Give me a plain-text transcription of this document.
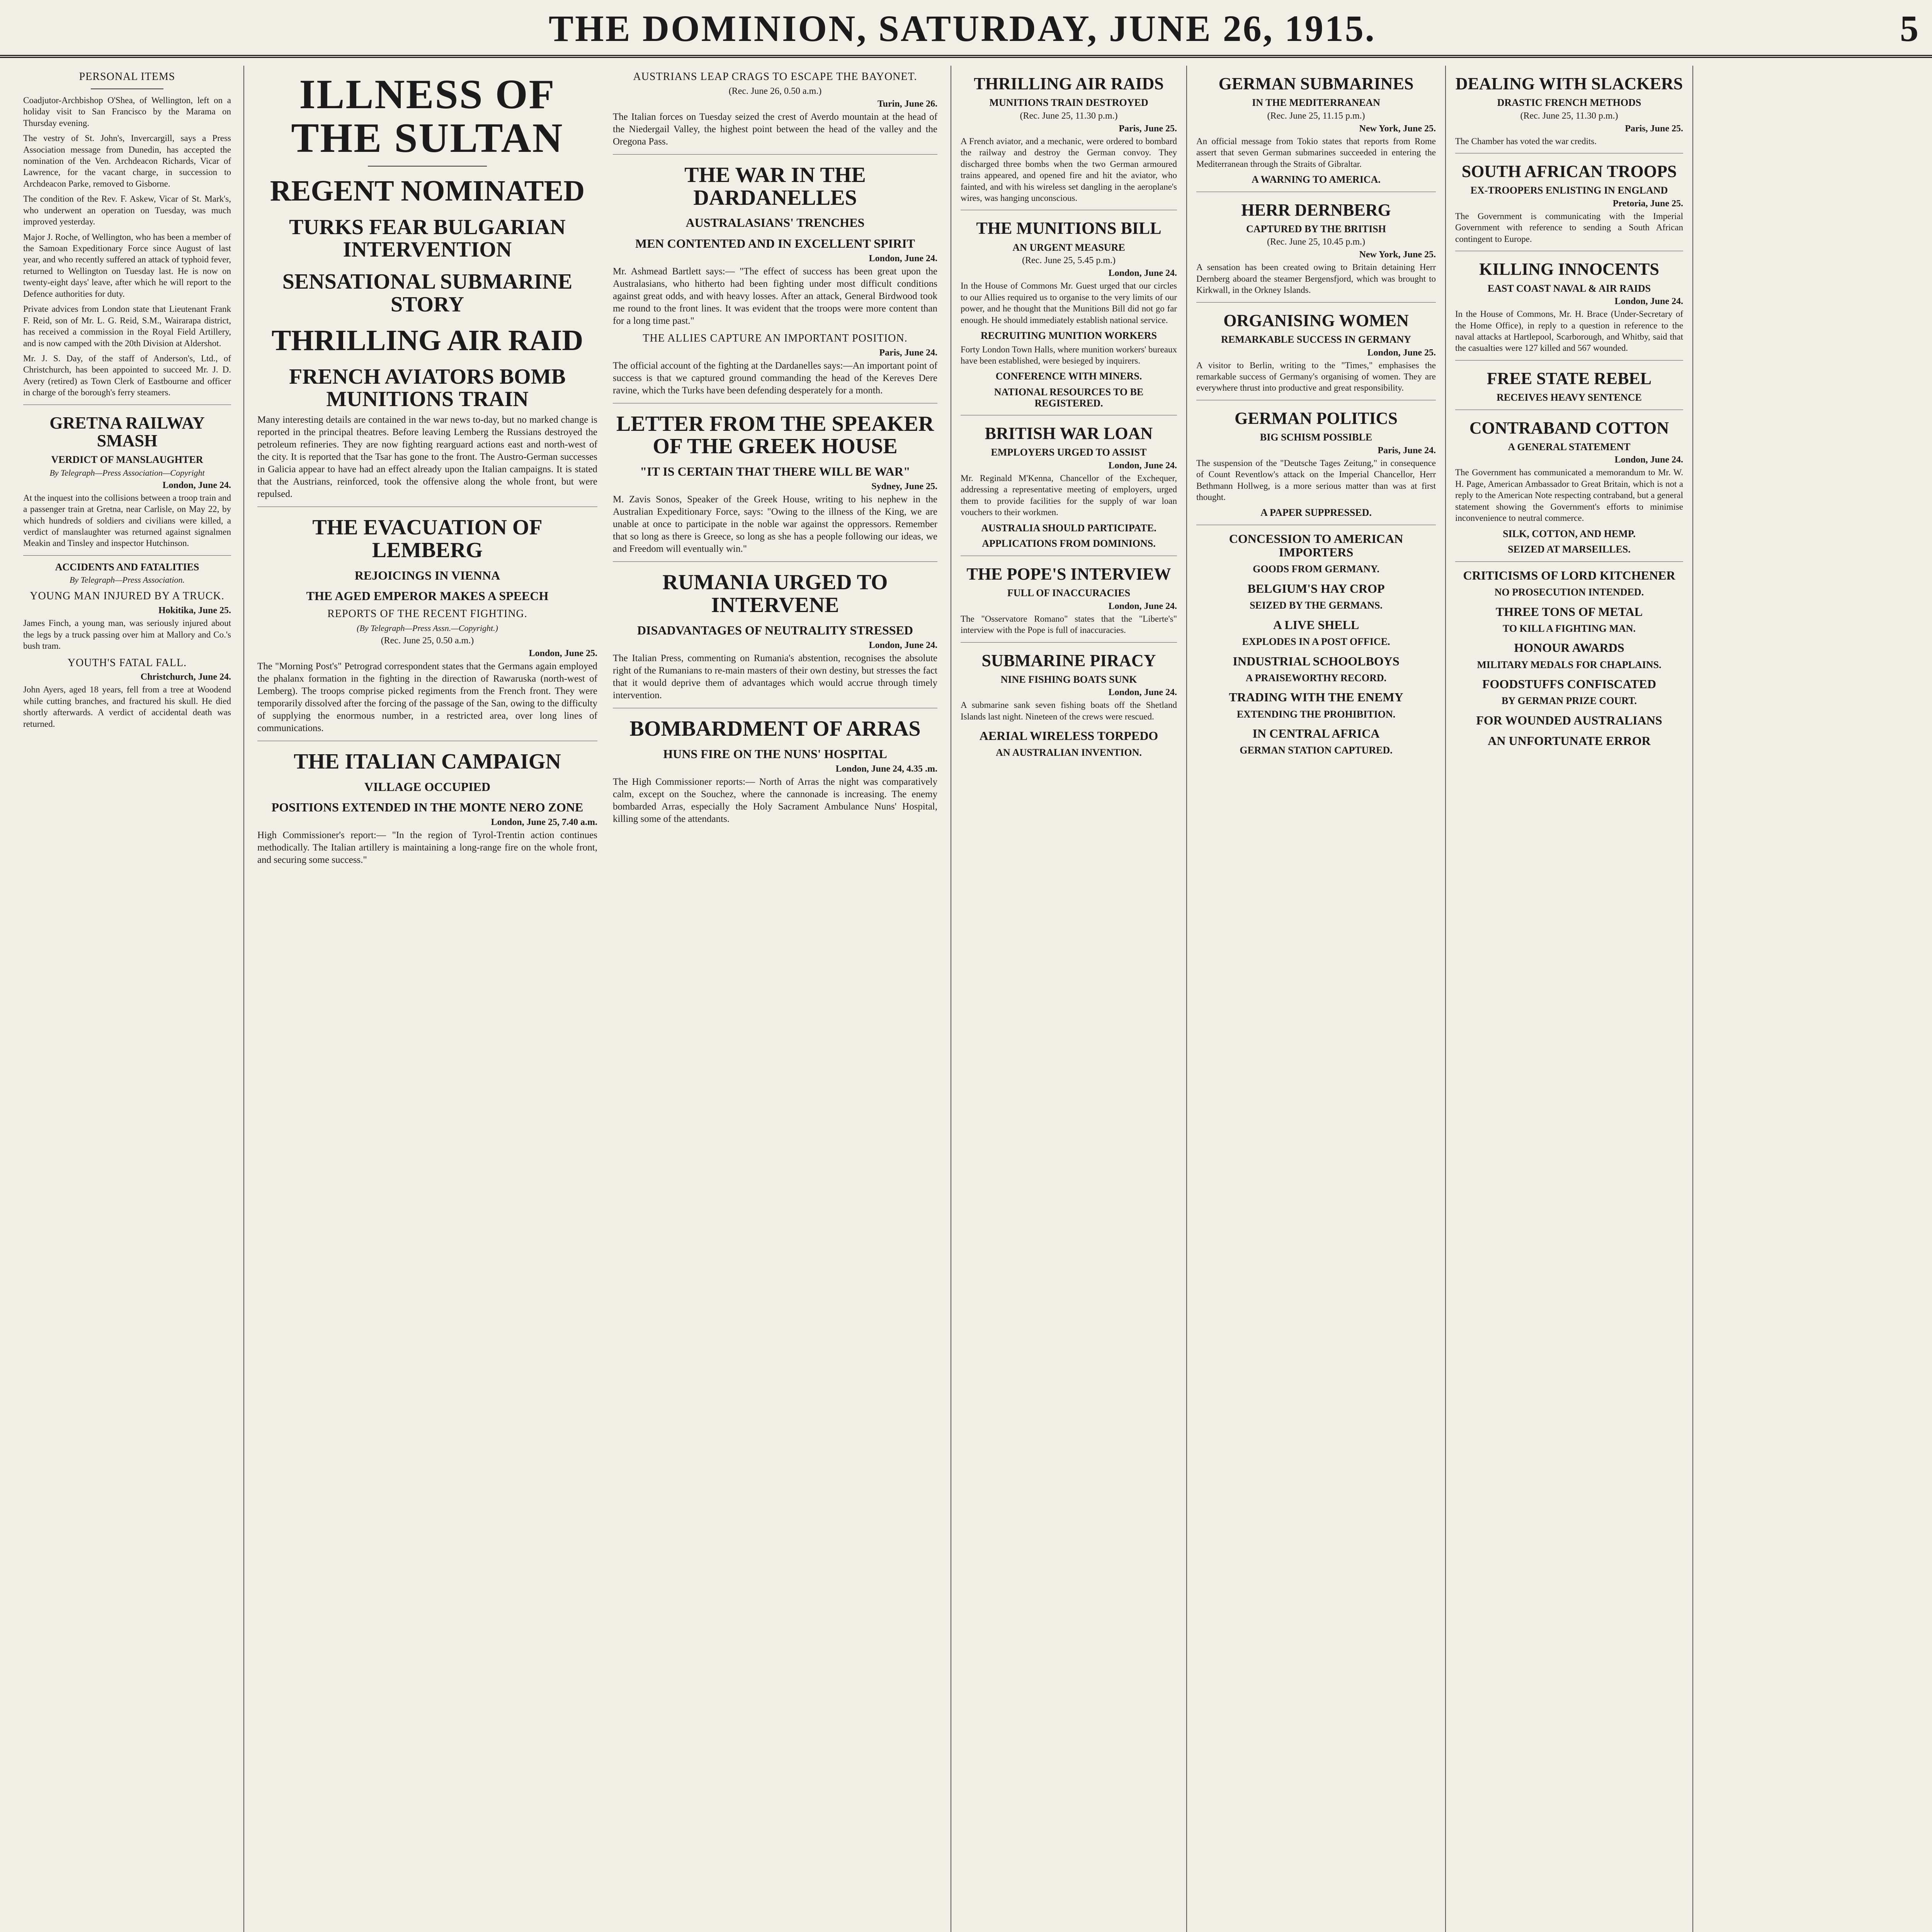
THE DOMINION, SATURDAY, JUNE 26, 1915.	5
PERSONAL ITEMS

Coadjutor-Archbishop O'Shea, of Wellington, left on a holiday visit to San Francisco by the Marama on Thursday evening.

The vestry of St. John's, Invercargill, says a Press Association message from Dunedin, has accepted the nomination of the Ven. Archdeacon Richards, Vicar of Lawrence, for the vacant charge, in succession to Archdeacon Parke, removed to Gisborne.

The condition of the Rev. F. Askew, Vicar of St. Mark's, who underwent an operation on Tuesday, was much improved yesterday.

Major J. Roche, of Wellington, who has been a member of the Samoan Expeditionary Force since August of last year, and who recently suffered an attack of typhoid fever, returned to Wellington on Tuesday last. He is now on twenty-eight days' leave, after which he will report to the Defence authorities for duty.

Private advices from London state that Lieutenant Frank F. Reid, son of Mr. L. G. Reid, S.M., Wairarapa district, has received a commission in the Royal Field Artillery, and is now camped with the 20th Division at Aldershot.

Mr. J. S. Day, of the staff of Anderson's, Ltd., of Christchurch, has been appointed to succeed Mr. J. D. Avery (retired) as Town Clerk of Eastbourne and officer in charge of the borough's ferry steamers.

GRETNA RAILWAY SMASH
VERDICT OF MANSLAUGHTER
By Telegraph—Press Association—Copyright
London, June 24.

At the inquest into the collisions between a troop train and a passenger train at Gretna, near Carlisle, on May 22, by which hundreds of soldiers and civilians were killed, a verdict of manslaughter was returned against signalmen Meakin and Tinsley and inspector Hutchinson.

ACCIDENTS AND FATALITIES
By Telegraph—Press Association.
YOUNG MAN INJURED BY A TRUCK.
Hokitika, June 25.

James Finch, a young man, was seriously injured about the legs by a truck passing over him at Mallory and Co.'s bush tram.

YOUTH'S FATAL FALL.
Christchurch, June 24.

John Ayers, aged 18 years, fell from a tree at Woodend while cutting branches, and fractured his skull. He died shortly afterwards. A verdict of accidental death was returned.

ILLNESS OF THE SULTAN
REGENT NOMINATED
TURKS FEAR BULGARIAN INTERVENTION
SENSATIONAL SUBMARINE STORY
THRILLING AIR RAID
FRENCH AVIATORS BOMB MUNITIONS TRAIN

Many interesting details are contained in the war news to-day, but no marked change is reported in the principal theatres. Before leaving Lemberg the Russians destroyed the petroleum refineries. They are now fighting rearguard actions east and north-west of the city. It is reported that the Tsar has gone to the front. The Austro-German successes in Galicia appear to have had an effect already upon the Italian campaigns. It is stated that the Austrians, reinforced, took the offensive along the whole front, but were repulsed.

THE EVACUATION OF LEMBERG
REJOICINGS IN VIENNA
THE AGED EMPEROR MAKES A SPEECH
REPORTS OF THE RECENT FIGHTING.
(By Telegraph—Press Assn.—Copyright.)
(Rec. June 25, 0.50 a.m.)
London, June 25.

The "Morning Post's" Petrograd correspondent states that the Germans again employed the phalanx formation in the fighting in the direction of Rawaruska (north-west of Lemberg). The troops comprise picked regiments from the French front. They were temporarily dissolved after the forcing of the passage of the San, owing to the difficulty of supplying the enormous number, in a restricted area, over long lines of communications.

THE ITALIAN CAMPAIGN
VILLAGE OCCUPIED
POSITIONS EXTENDED IN THE MONTE NERO ZONE
London, June 25, 7.40 a.m.

High Commissioner's report:— "In the region of Tyrol-Trentin action continues methodically. The Italian artillery is maintaining a long-range fire on the whole front, and securing some success."

AUSTRIANS LEAP CRAGS TO ESCAPE THE BAYONET.
(Rec. June 26, 0.50 a.m.)
Turin, June 26.

The Italian forces on Tuesday seized the crest of Averdo mountain at the head of the Niedergail Valley, the highest point between the head of the valley and the Oregona Pass.

THE WAR IN THE DARDANELLES
AUSTRALASIANS' TRENCHES
MEN CONTENTED AND IN EXCELLENT SPIRIT
London, June 24.

Mr. Ashmead Bartlett says:— "The effect of success has been great upon the Australasians, who hitherto had been fighting under most difficult conditions against great odds, and with heavy losses. After an attack, General Birdwood took me round to the front lines. It was evident that the troops were more content than for a long time past."

THE ALLIES CAPTURE AN IMPORTANT POSITION.
Paris, June 24.

The official account of the fighting at the Dardanelles says:—An important point of success is that we captured ground commanding the head of the Kereves Dere ravine, which the Turks have been defending desperately for a month.

LETTER FROM THE SPEAKER OF THE GREEK HOUSE
"IT IS CERTAIN THAT THERE WILL BE WAR"
Sydney, June 25.

M. Zavis Sonos, Speaker of the Greek House, writing to his nephew in the Australian Expeditionary Force, says: "Owing to the illness of the King, we are unable at once to participate in the noble war against the oppressors. Remember that so long as there is Greece, so long as she has a people following our ideas, we and Freedom will eventually win."

RUMANIA URGED TO INTERVENE
DISADVANTAGES OF NEUTRALITY STRESSED
London, June 24.

The Italian Press, commenting on Rumania's abstention, recognises the absolute right of the Rumanians to re-main masters of their own destiny, but stresses the fact that it would deprive them of advantages which would accrue through timely intervention.

BOMBARDMENT OF ARRAS
HUNS FIRE ON THE NUNS' HOSPITAL
London, June 24, 4.35 .m.

The High Commissioner reports:— North of Arras the night was comparatively calm, except on the Souchez, where the cannonade is increasing. The enemy bombarded Arras, especially the Holy Sacrament Ambulance Nuns' Hospital, killing some of the attendants.

THRILLING AIR RAIDS
MUNITIONS TRAIN DESTROYED
(Rec. June 25, 11.30 p.m.)
Paris, June 25.

A French aviator, and a mechanic, were ordered to bombard the railway and destroy the German convoy. They discharged three bombs when the two German armoured trains appeared, and opened fire and hit the aviator, who fainted, and with his wireless set dangling in the aeroplane's wires, was hanging unconscious.

THE MUNITIONS BILL
AN URGENT MEASURE
(Rec. June 25, 5.45 p.m.)
London, June 24.

In the House of Commons Mr. Guest urged that our circles to our Allies required us to organise to the very limits of our power, and he thought that the Munitions Bill did not go far enough. He should immediately establish national service.

RECRUITING MUNITION WORKERS

Forty London Town Halls, where munition workers' bureaux have been established, were besieged by inquirers.

CONFERENCE WITH MINERS.
NATIONAL RESOURCES TO BE REGISTERED.
BRITISH WAR LOAN
EMPLOYERS URGED TO ASSIST
London, June 24.

Mr. Reginald M'Kenna, Chancellor of the Exchequer, addressing a representative meeting of employers, urged them to provide facilities for the supply of war loan vouchers to their workmen.

AUSTRALIA SHOULD PARTICIPATE.
APPLICATIONS FROM DOMINIONS.
THE POPE'S INTERVIEW
FULL OF INACCURACIES
London, June 24.

The "Osservatore Romano" states that the "Liberte's" interview with the Pope is full of inaccuracies.

SUBMARINE PIRACY
NINE FISHING BOATS SUNK
London, June 24.

A submarine sank seven fishing boats off the Shetland Islands last night. Nineteen of the crews were rescued.

AERIAL WIRELESS TORPEDO
AN AUSTRALIAN INVENTION.
GERMAN SUBMARINES
IN THE MEDITERRANEAN
(Rec. June 25, 11.15 p.m.)
New York, June 25.

An official message from Tokio states that reports from Rome assert that seven German submarines succeeded in entering the Mediterranean through the Straits of Gibraltar.

A WARNING TO AMERICA.
HERR DERNBERG
CAPTURED BY THE BRITISH
(Rec. June 25, 10.45 p.m.)
New York, June 25.

A sensation has been created owing to Britain detaining Herr Dernberg aboard the steamer Bergensfjord, which was brought to Kirkwall, in the Orkney Islands.

ORGANISING WOMEN
REMARKABLE SUCCESS IN GERMANY
London, June 25.

A visitor to Berlin, writing to the "Times," emphasises the remarkable success of Germany's organising of women. They are everywhere thrust into productive and great responsibility.

GERMAN POLITICS
BIG SCHISM POSSIBLE
Paris, June 24.

The suspension of the "Deutsche Tages Zeitung," in consequence of Count Reventlow's attack on the Imperial Chancellor, Herr Bethmann Hollweg, is a more serious matter than was at first thought.

A PAPER SUPPRESSED.
CONCESSION TO AMERICAN IMPORTERS
GOODS FROM GERMANY.
BELGIUM'S HAY CROP
SEIZED BY THE GERMANS.
A LIVE SHELL
EXPLODES IN A POST OFFICE.
INDUSTRIAL SCHOOLBOYS
A PRAISEWORTHY RECORD.
TRADING WITH THE ENEMY
EXTENDING THE PROHIBITION.
IN CENTRAL AFRICA
GERMAN STATION CAPTURED.
DEALING WITH SLACKERS
DRASTIC FRENCH METHODS
(Rec. June 25, 11.30 p.m.)
Paris, June 25.

The Chamber has voted the war credits.

SOUTH AFRICAN TROOPS
EX-TROOPERS ENLISTING IN ENGLAND
Pretoria, June 25.

The Government is communicating with the Imperial Government with reference to sending a South African contingent to Europe.

KILLING INNOCENTS
EAST COAST NAVAL & AIR RAIDS
London, June 24.

In the House of Commons, Mr. H. Brace (Under-Secretary of the Home Office), in reply to a question in reference to the naval attacks at Hartlepool, Scarborough, and Whitby, said that the casualties were 127 killed and 567 wounded.

FREE STATE REBEL
RECEIVES HEAVY SENTENCE
CONTRABAND COTTON
A GENERAL STATEMENT
London, June 24.

The Government has communicated a memorandum to Mr. W. H. Page, American Ambassador to Great Britain, which is not a reply to the American Note respecting contraband, but a general statement showing the Government's efforts to minimise inconvenience to neutral commerce.

SILK, COTTON, AND HEMP.
SEIZED AT MARSEILLES.
CRITICISMS OF LORD KITCHENER
NO PROSECUTION INTENDED.
THREE TONS OF METAL
TO KILL A FIGHTING MAN.
HONOUR AWARDS
MILITARY MEDALS FOR CHAPLAINS.
FOODSTUFFS CONFISCATED
BY GERMAN PRIZE COURT.
FOR WOUNDED AUSTRALIANS
AN UNFORTUNATE ERROR
